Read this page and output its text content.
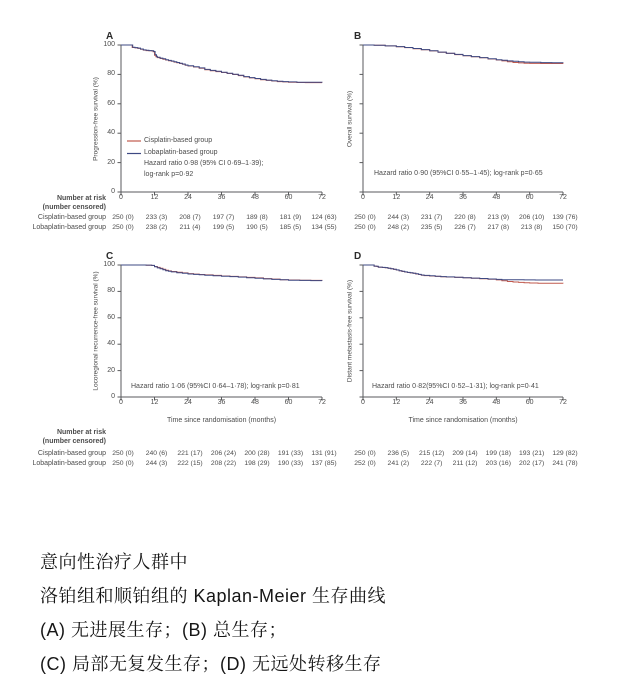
0
20
40
60
80
100
0	12	24	36	48	60	72
A
Progression-free survival (%)
Hazard ratio 0·98 (95% CI 0·69–1·39);
log-rank p=0·92
Cisplatin-based group
Lobaplatin-based group
0	12	24	36	48	60	72
B
Overall survival (%)
Hazard ratio 0·90 (95%CI 0·55–1·45); log-rank p=0·65
0
20
40
60
80
100
0	12	24	36	48	60	72
C
Locoregional recurrence-free survival (%)
Time since randomisation (months)
Hazard ratio 1·06 (95%CI 0·64–1·78); log-rank p=0·81
0	12	24	36	48	60	72
D
Distant metastasis-free survival (%)
Time since randomisation (months)
Hazard ratio 0·82(95%CI 0·52–1·31); log-rank p=0·41
Number at risk
(number censored)
Cisplatin-based group 250 (0)	233 (3)	208 (7)	197 (7)	189 (8)	181 (9)	124 (63)	250 (0)	244 (3)	231 (7)	220 (8)	213 (9)	206 (10)	139 (76)
Lobaplatin-based group 250 (0)	238 (2)	211 (4)	199 (5)	190 (5)	185 (5)	134 (55)	250 (0)	248 (2)	235 (5)	226 (7)	217 (8)	213 (8)	150 (70)
Number at risk
(number censored)
Cisplatin-based group 250 (0)	240 (6)	221 (17)	206 (24)	200 (28)	191 (33)	131 (91)	250 (0)	236 (5)	215 (12)	209 (14)	199 (18)	193 (21)	129 (82)
Lobaplatin-based group 250 (0)	244 (3)	222 (15)	208 (22)	198 (29)	190 (33)	137 (85)	252 (0)	241 (2)	222 (7)	211 (12)	203 (16)	202 (17)	241 (78)
意向性治疗人群中
洛铂组和顺铂组的 Kaplan-Meier 生存曲线
(A) 无进展生存；(B) 总生存；
(C) 局部无复发生存；(D) 无远处转移生存
